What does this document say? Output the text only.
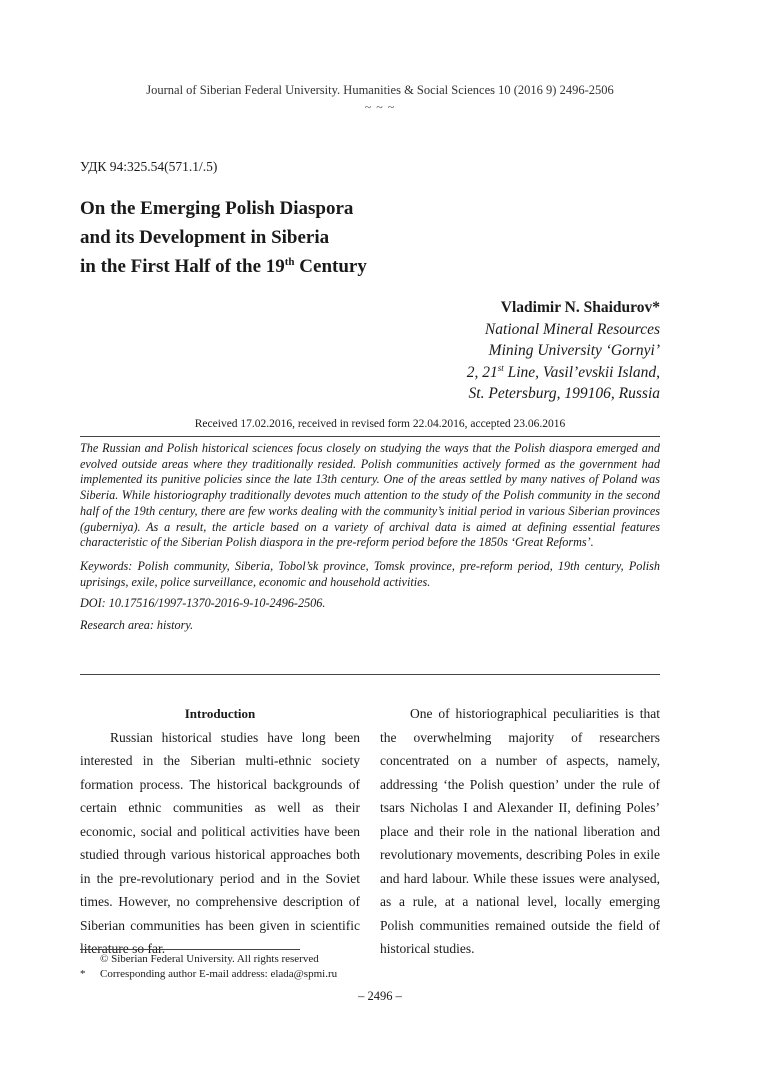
Journal of Siberian Federal University. Humanities & Social Sciences 10 (2016 9) 2496-2506
~ ~ ~
УДК 94:325.54(571.1/.5)
On the Emerging Polish Diaspora
and its Development in Siberia
in the First Half of the 19th Century
Vladimir N. Shaidurov*
National Mineral Resources
Mining University ‘Gornyi’
2, 21st Line, Vasil’evskii Island,
St. Petersburg, 199106, Russia
Received 17.02.2016, received in revised form 22.04.2016, accepted 23.06.2016

The Russian and Polish historical sciences focus closely on studying the ways that the Polish diaspora emerged and evolved outside areas where they traditionally resided. Polish communities actively formed as the government had implemented its punitive policies since the late 13th century. One of the areas settled by many natives of Poland was Siberia. While historiography traditionally devotes much attention to the study of the Polish community in the second half of the 19th century, there are few works dealing with the community’s initial period in various Siberian provinces (guberniya). As a result, the article based on a variety of archival data is aimed at defining essential features characteristic of the Siberian Polish diaspora in the pre-reform period before the 1850s ‘Great Reforms’.

Keywords: Polish community, Siberia, Tobol’sk province, Tomsk province, pre-reform period, 19th century, Polish uprisings, exile, police surveillance, economic and household activities.

DOI: 10.17516/1997-1370-2016-9-10-2496-2506.

Research area: history.

Introduction

Russian historical studies have long been interested in the Siberian multi-ethnic society formation process. The historical backgrounds of certain ethnic communities as well as their economic, social and political activities have been studied through various historical approaches both in the pre-revolutionary period and in the Soviet times. However, no comprehensive description of Siberian communities has been given in scientific literature so far.

One of historiographical peculiarities is that the overwhelming majority of researchers concentrated on a number of aspects, namely, addressing ‘the Polish question’ under the rule of tsars Nicholas I and Alexander II, defining Poles’ place and their role in the national liberation and revolutionary movements, describing Poles in exile and hard labour. While these issues were analysed, as a rule, at a national level, locally emerging Polish communities remained outside the field of historical studies.

© Siberian Federal University. All rights reserved
* Corresponding author E-mail address: elada@spmi.ru
– 2496 –
